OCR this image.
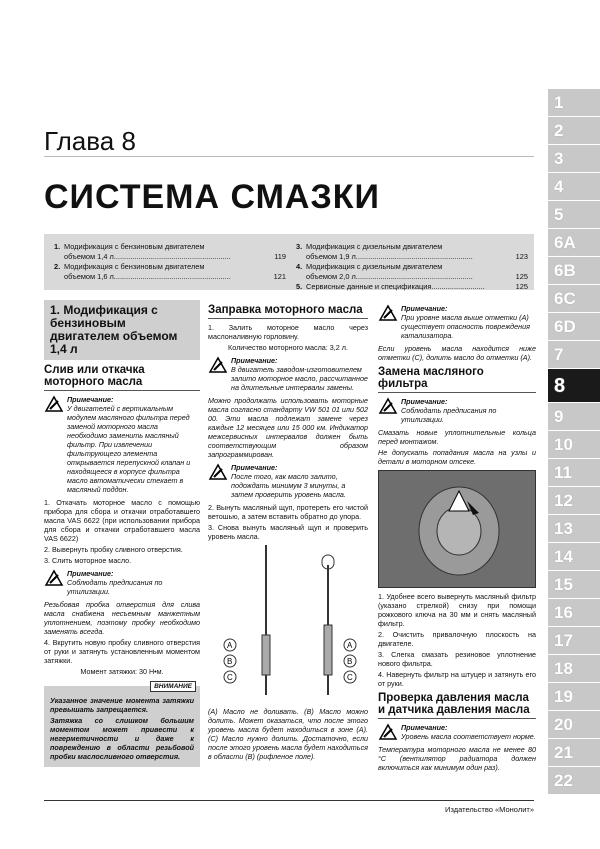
Глава 8
СИСТЕМА СМАЗКИ
1
2
3
4
5
6A
6B
6C
6D
7
8
9
10
11
12
13
14
15
16
17
18
19
20
21
22
1. Модификация с бензиновым двигателем
объемом 1,4 л.........................................................	119
2. Модификация с бензиновым двигателем
объемом 1,6 л.........................................................	121
3. Модификация с дизельным двигателем
объемом 1,9 л.........................................................	123
4. Модификация с дизельным двигателем
объемом 2,0 л.........................................................	125
5. Сервисные данные и спецификация..........................	125
1. Модификация с бензиновым двигателем объемом 1,4 л
Слив или откачка моторного масла
Примечание:
У двигателей с вертикальным модулем масляного фильтра перед заменой моторного масла необходимо заменить масляный фильтр. При извлечении фильтрующего элемента открывается перепускной клапан и находящееся в корпусе фильтра масло автоматически стекает в масляный поддон.

1. Откачать моторное масло с помощью прибора для сбора и откачки отработавшего масла VAS 6622 (при использовании прибора для сбора и откачки отработавшего масла VAS 6622)

2. Вывернуть пробку сливного отверстия.

3. Слить моторное масло.

Примечание:
Соблюдать предписания по утилизации.

Резьбовая пробка отверстия для слива масла снабжена несъемным манжетным уплотнением, поэтому пробку необходимо заменять всегда.

4. Вкрутить новую пробку сливного отверстия от руки и затянуть установленным моментом затяжки.

Момент затяжки: 30 Н•м.

ВНИМАНИЕ

Указанное значение момента затяжки превышать запрещается.

Затяжка со слишком большим моментом может привести к негерметичности и даже к повреждению в области резьбовой пробки маслосливного отверстия.

Заправка моторного масла

1. Залить моторное масло через маслоналивную горловину.

Количество моторного масла: 3,2 л.

Примечание:
В двигатель заводом-изготовителем залито моторное масло, рассчитанное на длительные интервалы замены.

Можно продолжать использовать моторные масла согласно стандарту VW 501 01 или 502 00. Эти масла подлежат замене через каждые 12 месяцев или 15 000 км. Индикатор межсервисных интервалов должен быть соответствующим образом запрограммирован.

Примечание:
После того, как масло залито, подождать минимум 3 минуты, а затем проверить уровень масла.

2. Вынуть масляный щуп, протереть его чистой ветошью, а затем вставить обратно до упора.

3. Снова вынуть масляный щуп и проверить уровень масла.

A
B
C
A
B
C

(A) Масло не доливать. (B) Масло можно долить. Может оказаться, что после этого уровень масла будет находиться в зоне (A). (C) Масло нужно долить. Достаточно, если после этого уровень масла будет находиться в области (B) (рифленое поле).

Примечание:
При уровне масла выше отметки (A) существует опасность повреждения катализатора.

Если уровень масла находится ниже отметки (C), долить масло до отметки (A).

Замена масляного фильтра
Примечание:
Соблюдать предписания по утилизации.

Смазать новые уплотнительные кольца перед монтажом.

Не допускать попадания масла на узлы и детали в моторном отсеке.

1. Удобнее всего вывернуть масляный фильтр (указано стрелкой) снизу при помощи рожкового ключа на 30 мм и снять масляный фильтр.

2. Очистить привалочную плоскость на двигателе.

3. Слегка смазать резиновое уплотнение нового фильтра.

4. Навернуть фильтр на штуцер и затянуть его от руки.

Проверка давления масла и датчика давления масла
Примечание:
Уровень масла соответствует норме.

Температура моторного масла не менее 80 °С (вентилятор радиатора должен включиться как минимум один раз).

Издательство «Монолит»
